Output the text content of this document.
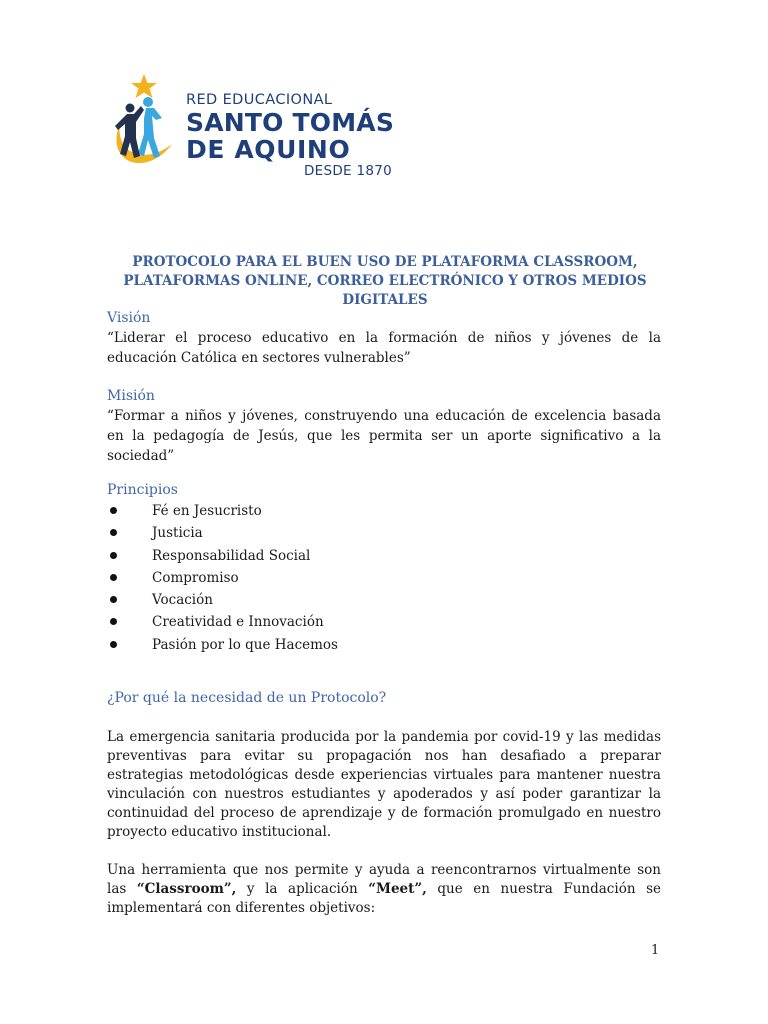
RED EDUCACIONAL
SANTO TOMÁS
DE AQUINO
DESDE 1870
PROTOCOLO PARA EL BUEN USO DE PLATAFORMA CLASSROOM, PLATAFORMAS ONLINE, CORREO ELECTRÓNICO Y OTROS MEDIOS DIGITALES
Visión

“Liderar el proceso educativo en la formación de niños y jóvenes de la educación Católica en sectores vulnerables”

Misión

“Formar a niños y jóvenes, construyendo una educación de excelencia basada en la pedagogía de Jesús, que les permita ser un aporte significativo a la sociedad”

Principios
Fé en Jesucristo
Justicia
Responsabilidad Social
Compromiso
Vocación
Creatividad e Innovación
Pasión por lo que Hacemos
¿Por qué la necesidad de un Protocolo?

La emergencia sanitaria producida por la pandemia por covid-19 y las medidas preventivas para evitar su propagación nos han desafiado a preparar estrategias metodológicas desde experiencias virtuales para mantener nuestra vinculación con nuestros estudiantes y apoderados y así poder garantizar la continuidad del proceso de aprendizaje y de formación promulgado en nuestro proyecto educativo institucional.

Una herramienta que nos permite y ayuda a reencontrarnos virtualmente son las “Classroom”, y la aplicación “Meet”, que en nuestra Fundación se implementará con diferentes objetivos:

1
